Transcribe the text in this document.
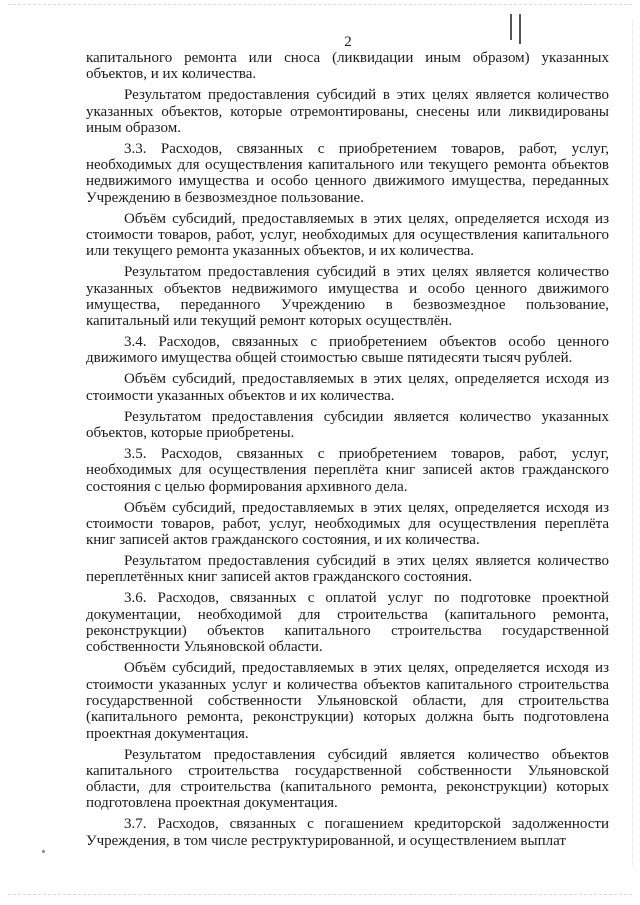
2

капитального ремонта или сноса (ликвидации иным образом) указанных объектов, и их количества.

Результатом предоставления субсидий в этих целях является количество указанных объектов, которые отремонтированы, снесены или ликвидированы иным образом.

3.3. Расходов, связанных с приобретением товаров, работ, услуг, необходимых для осуществления капитального или текущего ремонта объектов недвижимого имущества и особо ценного движимого имущества, переданных Учреждению в безвозмездное пользование.

Объём субсидий, предоставляемых в этих целях, определяется исходя из стоимости товаров, работ, услуг, необходимых для осуществления капитального или текущего ремонта указанных объектов, и их количества.

Результатом предоставления субсидий в этих целях является количество указанных объектов недвижимого имущества и особо ценного движимого имущества, переданного Учреждению в безвозмездное пользование, капитальный или текущий ремонт которых осуществлён.

3.4. Расходов, связанных с приобретением объектов особо ценного движимого имущества общей стоимостью свыше пятидесяти тысяч рублей.

Объём субсидий, предоставляемых в этих целях, определяется исходя из стоимости указанных объектов и их количества.

Результатом предоставления субсидии является количество указанных объектов, которые приобретены.

3.5. Расходов, связанных с приобретением товаров, работ, услуг, необходимых для осуществления переплёта книг записей актов гражданского состояния с целью формирования архивного дела.

Объём субсидий, предоставляемых в этих целях, определяется исходя из стоимости товаров, работ, услуг, необходимых для осуществления переплёта книг записей актов гражданского состояния, и их количества.

Результатом предоставления субсидий в этих целях является количество переплетённых книг записей актов гражданского состояния.

3.6. Расходов, связанных с оплатой услуг по подготовке проектной документации, необходимой для строительства (капитального ремонта, реконструкции) объектов капитального строительства государственной собственности Ульяновской области.

Объём субсидий, предоставляемых в этих целях, определяется исходя из стоимости указанных услуг и количества объектов капитального строительства государственной собственности Ульяновской области, для строительства (капитального ремонта, реконструкции) которых должна быть подготовлена проектная документация.

Результатом предоставления субсидий является количество объектов капитального строительства государственной собственности Ульяновской области, для строительства (капитального ремонта, реконструкции) которых подготовлена проектная документация.

3.7. Расходов, связанных с погашением кредиторской задолженности Учреждения, в том числе реструктурированной, и осуществлением выплат
